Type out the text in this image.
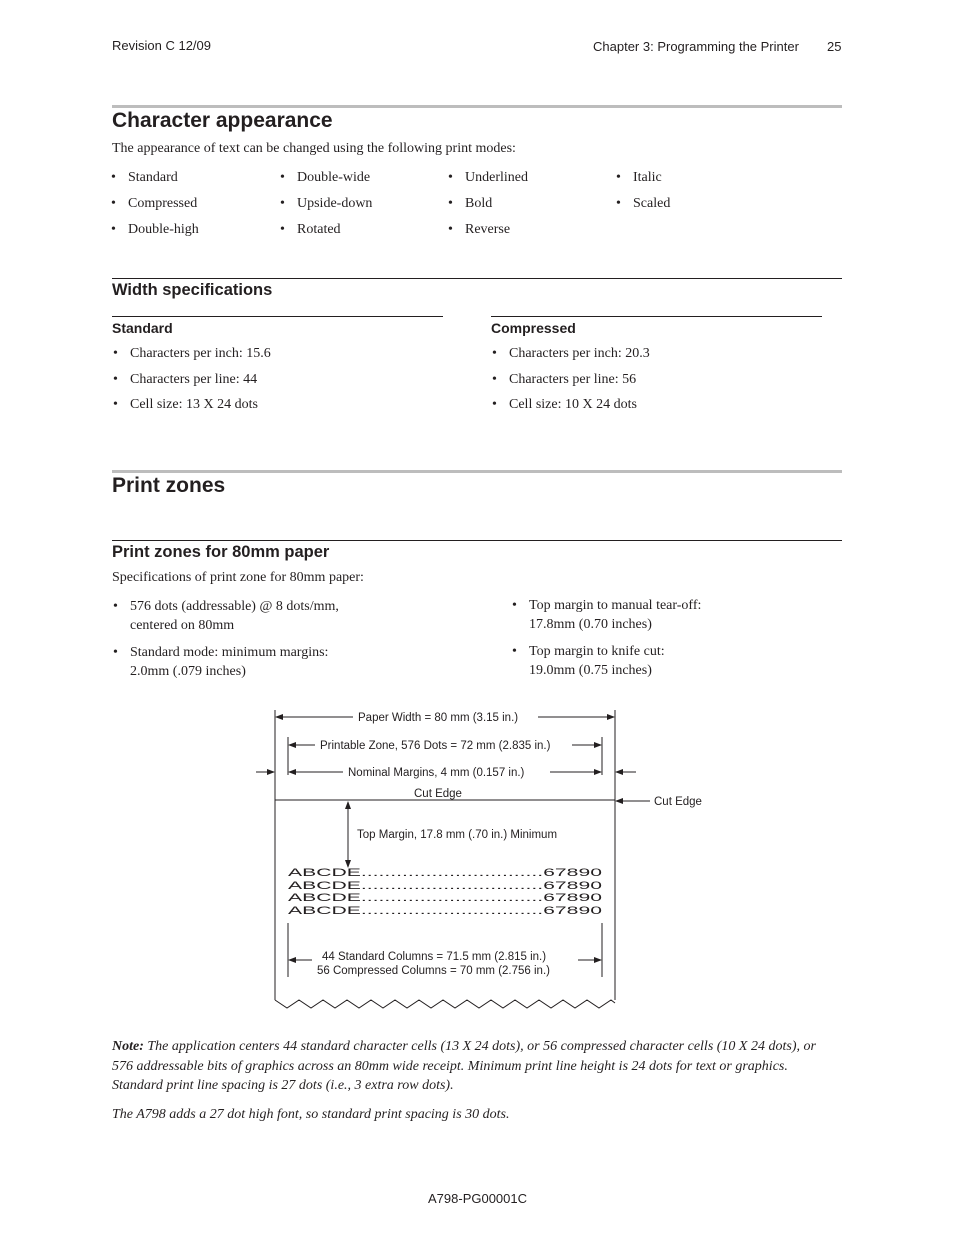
Revision C 12/09	Chapter 3: Programming the Printer 25
Character appearance
The appearance of text can be changed using the following print modes:
• Standard
• Compressed
• Double-high
• Double-wide
• Upside-down
• Rotated
• Underlined
• Bold
• Reverse
• Italic
• Scaled
Width specifications
Standard
• Characters per inch: 15.6
• Characters per line: 44
• Cell size: 13 X 24 dots
Compressed
• Characters per inch: 20.3
• Characters per line: 56
• Cell size: 10 X 24 dots
Print zones
Print zones for 80mm paper
Specifications of print zone for 80mm paper:
• 576 dots (addressable) @ 8 dots/mm,
centered on 80mm
• Standard mode: minimum margins:
2.0mm (.079 inches)
• Top margin to manual tear-off:
17.8mm (0.70 inches)
• Top margin to knife cut:
19.0mm (0.75 inches)
Paper Width = 80 mm (3.15 in.)
Printable Zone, 576 Dots = 72 mm (2.835 in.)
Nominal Margins, 4 mm (0.157 in.)
Cut Edge
Cut Edge
Top Margin, 17.8 mm (.70 in.) Minimum
44 Standard Columns = 71.5 mm (2.815 in.)
56 Compressed Columns = 70 mm (2.756 in.)
ABCDE...............................67890
ABCDE...............................67890
ABCDE...............................67890
ABCDE...............................67890
Note: The application centers 44 standard character cells (13 X 24 dots), or 56 compressed character cells (10 X 24 dots), or 576 addressable bits of graphics across an 80mm wide receipt. Minimum print line height is 24 dots for text or graphics. Standard print line spacing is 27 dots (i.e., 3 extra row dots).
The A798 adds a 27 dot high font, so standard print spacing is 30 dots.
A798-PG00001C
